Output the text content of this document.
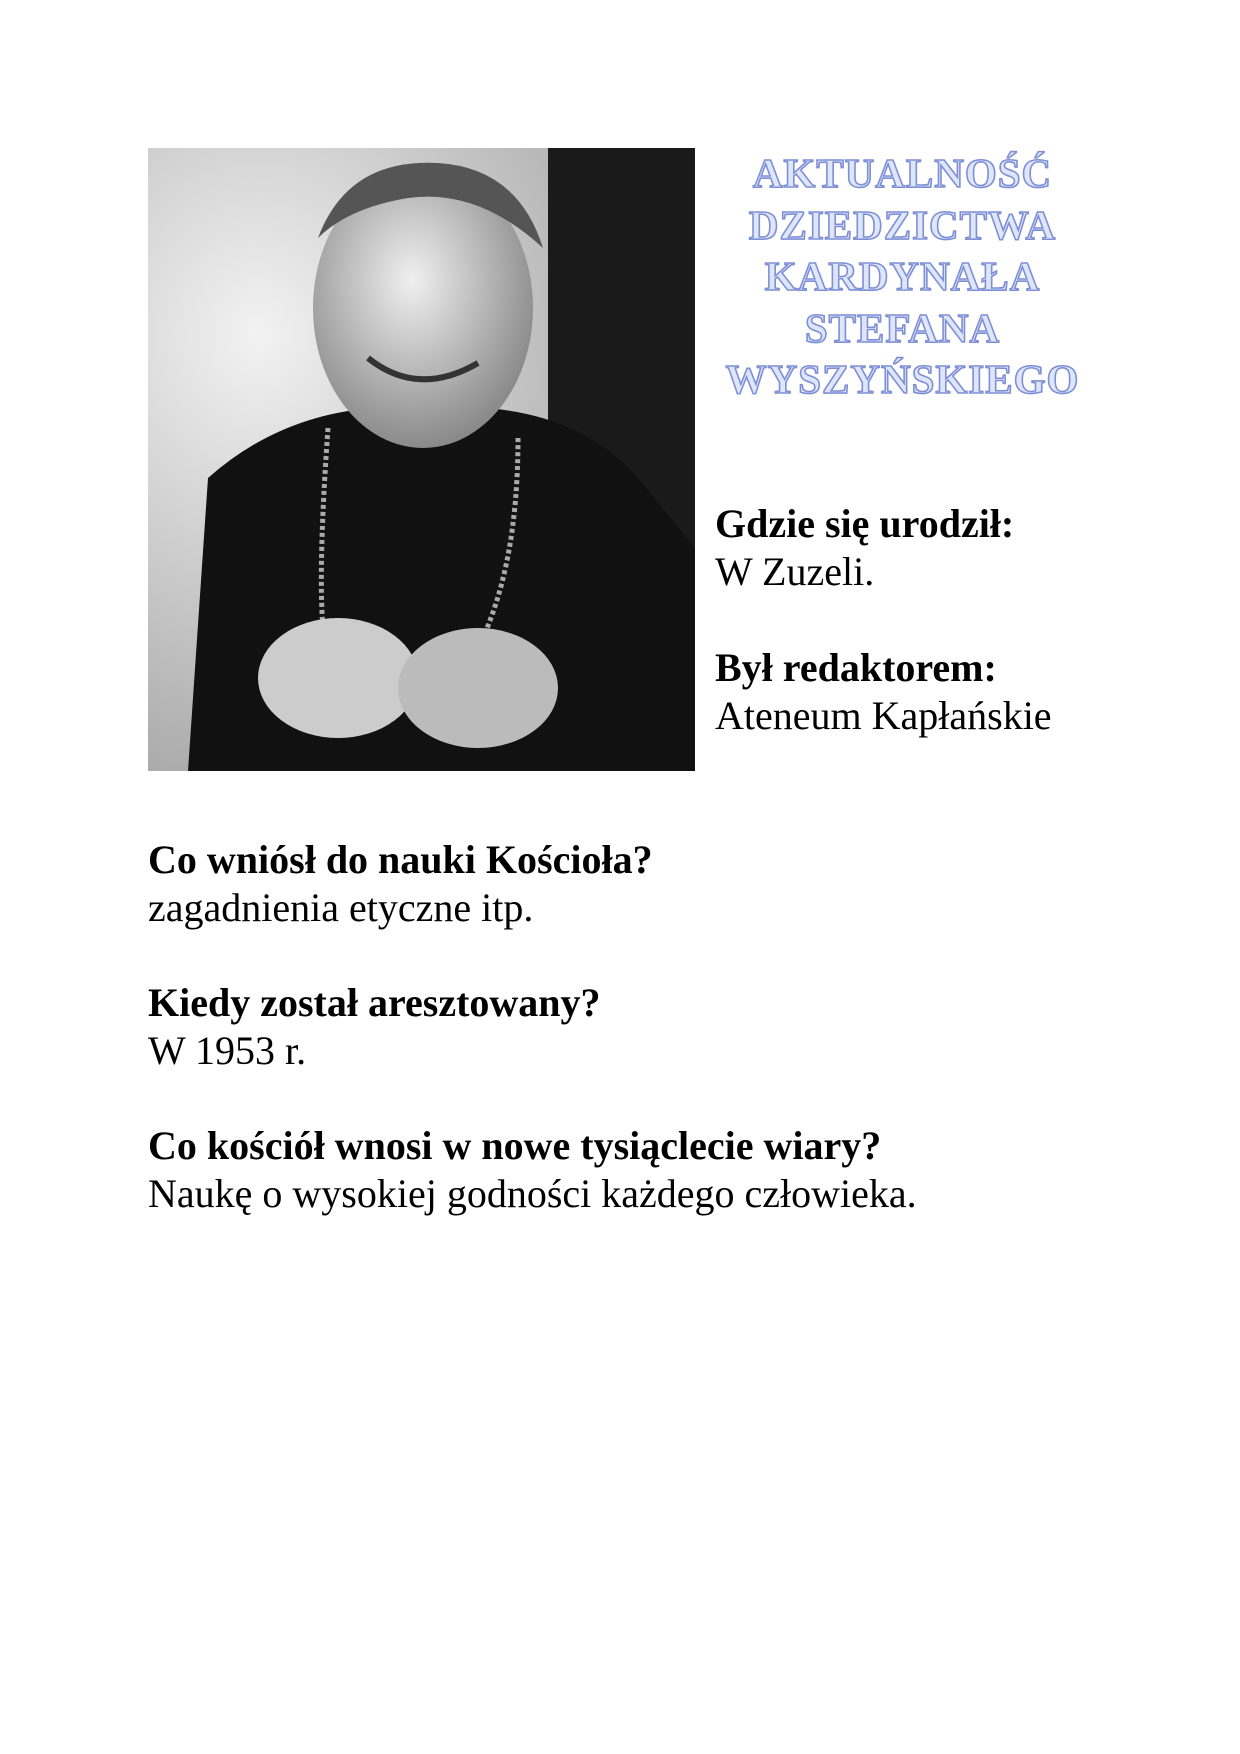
AKTUALNOŚĆ
DZIEDZICTWA
KARDYNAŁA
STEFANA
WYSZYŃSKIEGO
Gdzie się urodził:
W Zuzeli.
Był redaktorem:
Ateneum Kapłańskie
Co wniósł do nauki Kościoła?
zagadnienia etyczne itp.
Kiedy został aresztowany?
W 1953 r.
Co kościół wnosi w nowe tysiąclecie wiary?
Naukę o wysokiej godności każdego człowieka.
